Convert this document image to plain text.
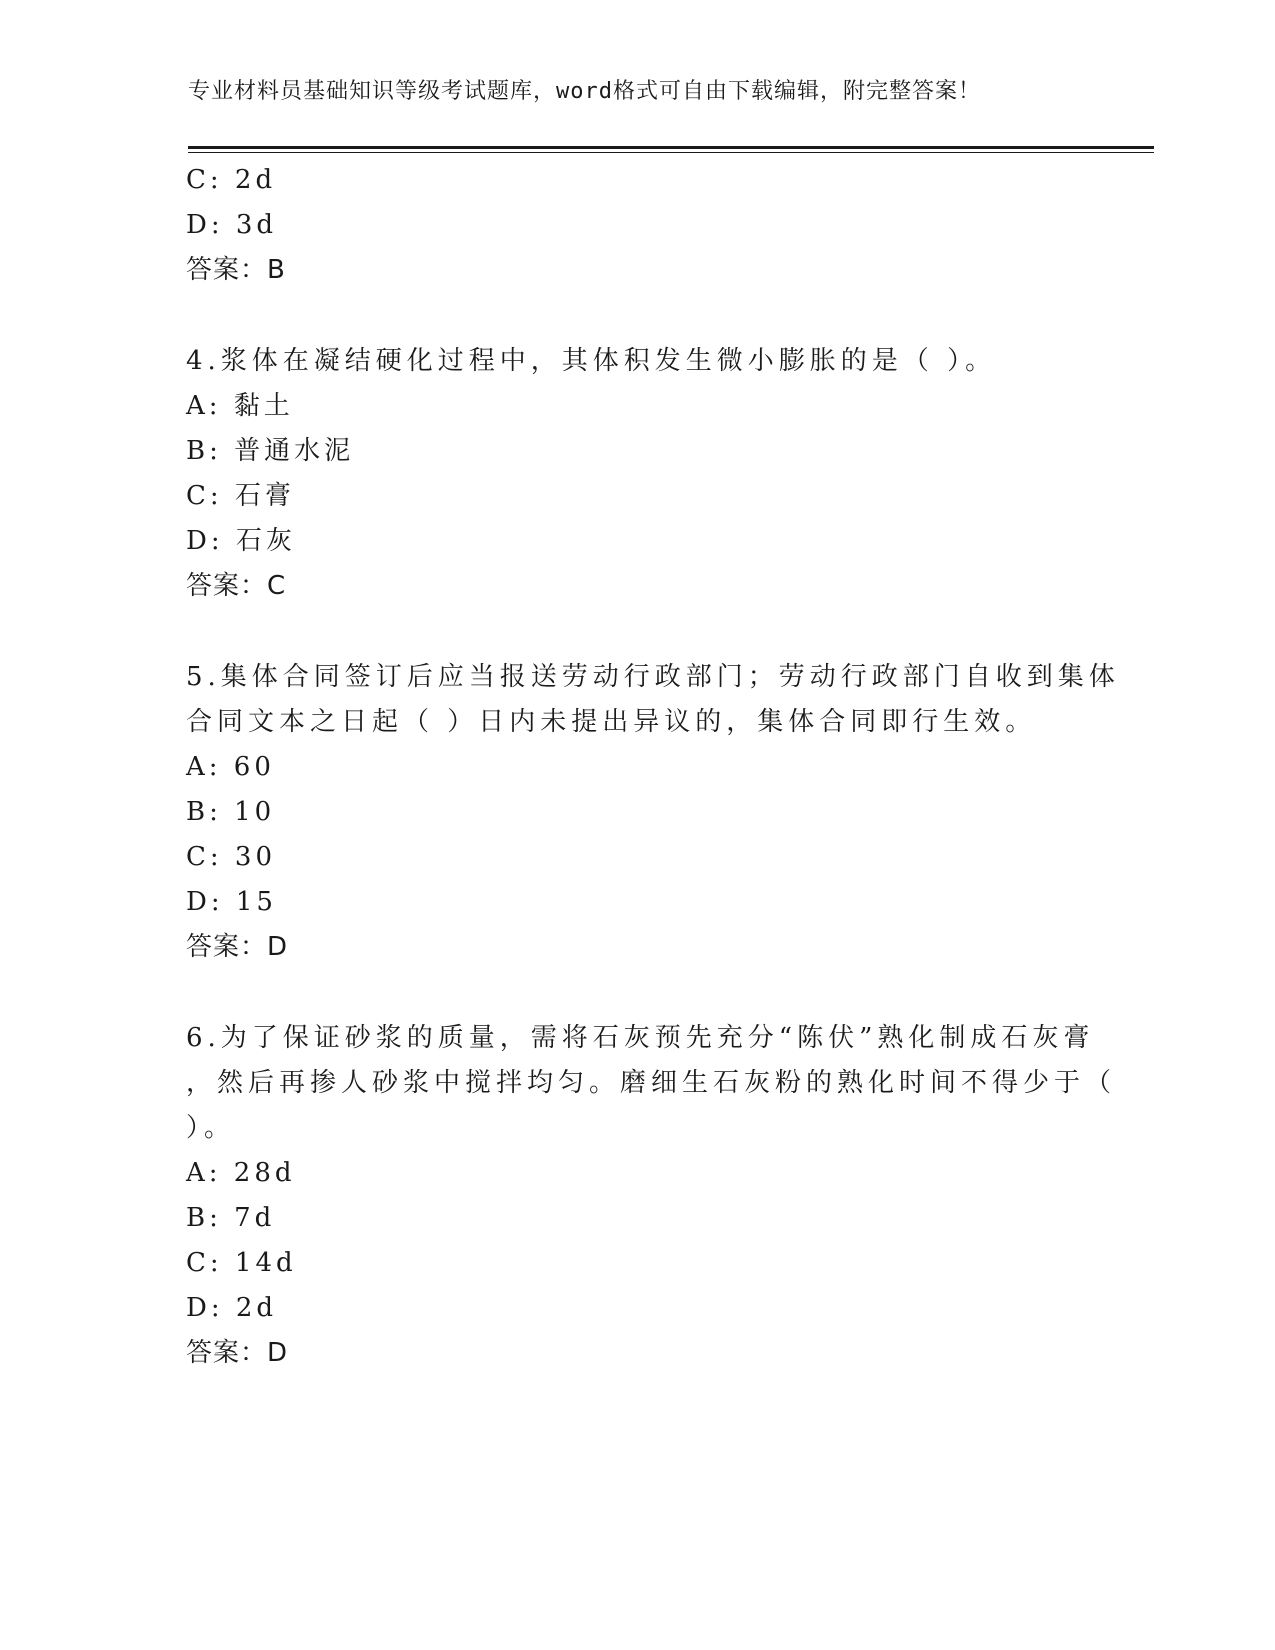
专业材料员基础知识等级考试题库，word格式可自由下载编辑，附完整答案！
C: 2d
D: 3d
答案：B
4.浆体在凝结硬化过程中，其体积发生微小膨胀的是（ ）。
A: 黏土
B: 普通水泥
C: 石膏
D: 石灰
答案：C
5.集体合同签订后应当报送劳动行政部门；劳动行政部门自收到集体
合同文本之日起（ ）日内未提出异议的，集体合同即行生效。
A: 60
B: 10
C: 30
D: 15
答案：D
6.为了保证砂浆的质量，需将石灰预先充分“陈伏”熟化制成石灰膏
，然后再掺人砂浆中搅拌均匀。磨细生石灰粉的熟化时间不得少于（
）。
A: 28d
B: 7d
C: 14d
D: 2d
答案：D
